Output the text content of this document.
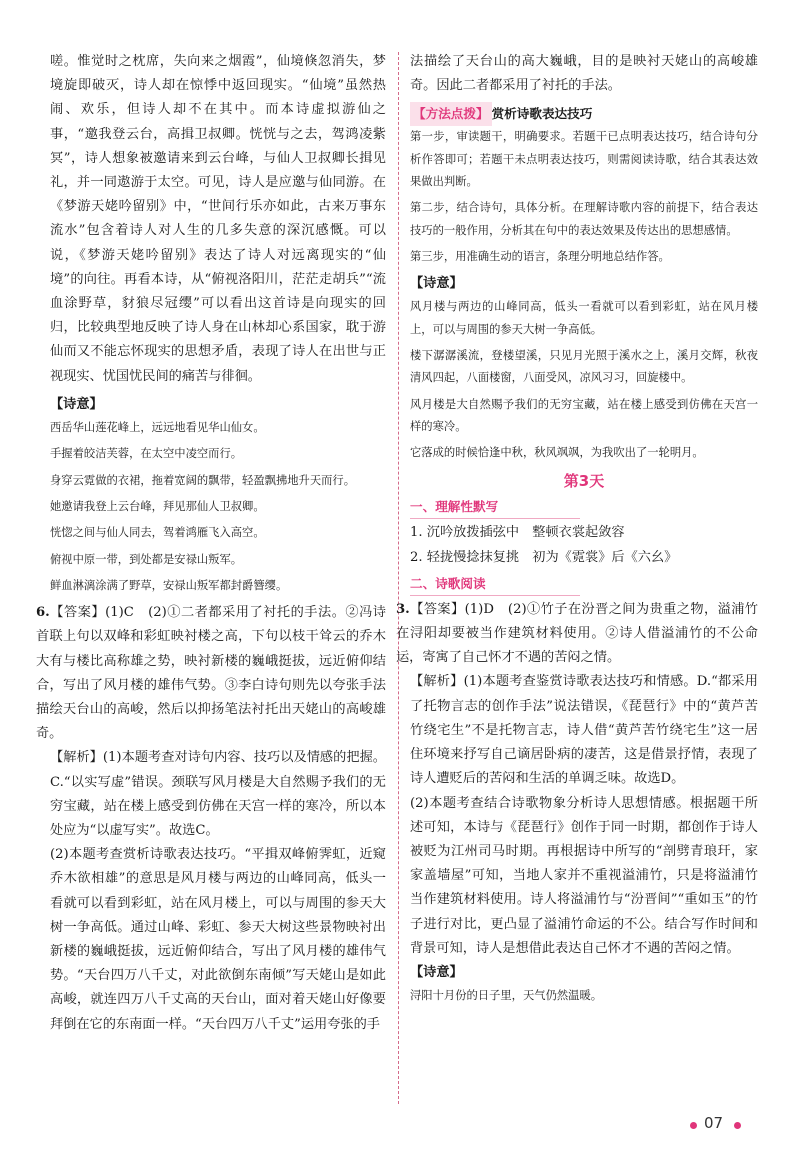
嗟。惟觉时之枕席，失向来之烟霞”，仙境倏忽消失，梦境旋即破灭，诗人却在惊悸中返回现实。“仙境”虽然热闹、欢乐，但诗人却不在其中。而本诗虚拟游仙之事，“邀我登云台，高揖卫叔卿。恍恍与之去，驾鸿凌紫冥”，诗人想象被邀请来到云台峰，与仙人卫叔卿长揖见礼，并一同遨游于太空。可见，诗人是应邀与仙同游。在《梦游天姥吟留别》中，“世间行乐亦如此，古来万事东流水”包含着诗人对人生的几多失意的深沉感慨。可以说，《梦游天姥吟留别》表达了诗人对远离现实的“仙境”的向往。再看本诗，从“俯视洛阳川，茫茫走胡兵”“流血涂野草，豺狼尽冠缨”可以看出这首诗是向现实的回归，比较典型地反映了诗人身在山林却心系国家，耽于游仙而又不能忘怀现实的思想矛盾，表现了诗人在出世与正视现实、忧国忧民间的痛苦与徘徊。

【诗意】

西岳华山莲花峰上，远远地看见华山仙女。

手握着皎洁芙蓉，在太空中凌空而行。

身穿云霓做的衣裙，拖着宽阔的飘带，轻盈飘拂地升天而行。

她邀请我登上云台峰，拜见那仙人卫叔卿。

恍惚之间与仙人同去，驾着鸿雁飞入高空。

俯视中原一带，到处都是安禄山叛军。

鲜血淋漓涂满了野草，安禄山叛军都封爵簪缨。

6.【答案】(1)C　(2)①二者都采用了衬托的手法。②冯诗首联上句以双峰和彩虹映衬楼之高，下句以枝干耸云的乔木大有与楼比高称雄之势，映衬新楼的巍峨挺拔，远近俯仰结合，写出了风月楼的雄伟气势。③李白诗句则先以夸张手法描绘天台山的高峻，然后以抑扬笔法衬托出天姥山的高峻雄奇。

【解析】(1)本题考查对诗句内容、技巧以及情感的把握。C.“以实写虚”错误。颈联写风月楼是大自然赐予我们的无穷宝藏，站在楼上感受到仿佛在天宫一样的寒冷，所以本处应为“以虚写实”。故选C。

(2)本题考查赏析诗歌表达技巧。“平揖双峰俯霁虹，近窥乔木欲相雄”的意思是风月楼与两边的山峰同高，低头一看就可以看到彩虹，站在风月楼上，可以与周围的参天大树一争高低。通过山峰、彩虹、参天大树这些景物映衬出新楼的巍峨挺拔，远近俯仰结合，写出了风月楼的雄伟气势。“天台四万八千丈，对此欲倒东南倾”写天姥山是如此高峻，就连四万八千丈高的天台山，面对着天姥山好像要拜倒在它的东南面一样。“天台四万八千丈”运用夸张的手

法描绘了天台山的高大巍峨，目的是映衬天姥山的高峻雄奇。因此二者都采用了衬托的手法。

【方法点拨】 赏析诗歌表达技巧

第一步，审读题干，明确要求。若题干已点明表达技巧，结合诗句分析作答即可；若题干未点明表达技巧，则需阅读诗歌，结合其表达效果做出判断。

第二步，结合诗句，具体分析。在理解诗歌内容的前提下，结合表达技巧的一般作用，分析其在句中的表达效果及传达出的思想感情。

第三步，用准确生动的语言，条理分明地总结作答。

【诗意】

风月楼与两边的山峰同高，低头一看就可以看到彩虹，站在风月楼上，可以与周围的参天大树一争高低。

楼下潺潺溪流，登楼望溪，只见月光照于溪水之上，溪月交辉，秋夜清风四起，八面楼窗，八面受风，凉风习习，回旋楼中。

风月楼是大自然赐予我们的无穷宝藏，站在楼上感受到仿佛在天宫一样的寒冷。

它落成的时候恰逢中秋，秋风飒飒，为我吹出了一轮明月。

第3天

一、理解性默写

1. 沉吟放拨插弦中　整顿衣裳起敛容

2. 轻拢慢捻抹复挑　初为《霓裳》后《六幺》

二、诗歌阅读

3.【答案】(1)D　(2)①竹子在汾晋之间为贵重之物，溢浦竹在浔阳却要被当作建筑材料使用。②诗人借溢浦竹的不公命运，寄寓了自己怀才不遇的苦闷之情。

【解析】(1)本题考查鉴赏诗歌表达技巧和情感。D.“都采用了托物言志的创作手法”说法错误，《琵琶行》中的“黄芦苦竹绕宅生”不是托物言志，诗人借“黄芦苦竹绕宅生”这一居住环境来抒写自己谪居卧病的凄苦，这是借景抒情，表现了诗人遭贬后的苦闷和生活的单调乏味。故选D。

(2)本题考查结合诗歌物象分析诗人思想情感。根据题干所述可知，本诗与《琵琶行》创作于同一时期，都创作于诗人被贬为江州司马时期。再根据诗中所写的“剖劈青琅玕，家家盖墙屋”可知，当地人家并不重视溢浦竹，只是将溢浦竹当作建筑材料使用。诗人将溢浦竹与“汾晋间”“重如玉”的竹子进行对比，更凸显了溢浦竹命运的不公。结合写作时间和背景可知，诗人是想借此表达自己怀才不遇的苦闷之情。

【诗意】

浔阳十月份的日子里，天气仍然温暖。

07
